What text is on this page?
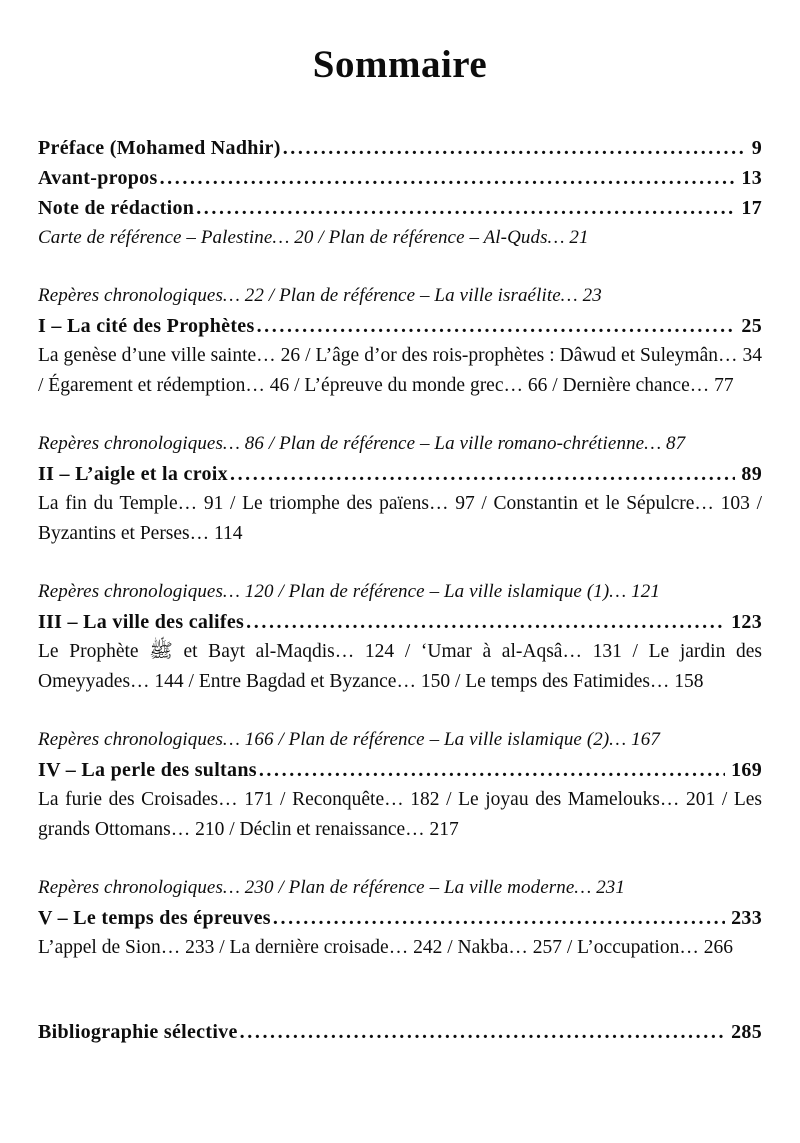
Sommaire
Préface (Mohamed Nadhir) .....	9
Avant-propos .....	13
Note de rédaction .....	17

Carte de référence – Palestine… 20 / Plan de référence – Al-Quds… 21

Repères chronologiques… 22 / Plan de référence – La ville israélite… 23

I – La cité des Prophètes .....	25

La genèse d’une ville sainte… 26 / L’âge d’or des rois-prophètes : Dâwud et Suleymân… 34 / Égarement et rédemption… 46 / L’épreuve du monde grec… 66 / Dernière chance… 77

Repères chronologiques… 86 / Plan de référence – La ville romano-chrétienne… 87

II – L’aigle et la croix .....	89

La fin du Temple… 91 / Le triomphe des païens… 97 / Constantin et le Sépulcre… 103 / Byzantins et Perses… 114

Repères chronologiques… 120 / Plan de référence – La ville islamique (1)… 121

III – La ville des califes .....	123

Le Prophète ﷺ et Bayt al-Maqdis… 124 / ‘Umar à al-Aqsâ… 131 / Le jardin des Omeyyades… 144 / Entre Bagdad et Byzance… 150 / Le temps des Fatimides… 158

Repères chronologiques… 166 / Plan de référence – La ville islamique (2)… 167

IV – La perle des sultans .....	169

La furie des Croisades… 171 / Reconquête… 182 / Le joyau des Mamelouks… 201 / Les grands Ottomans… 210 / Déclin et renaissance… 217

Repères chronologiques… 230 / Plan de référence – La ville moderne… 231

V – Le temps des épreuves .....	233

L’appel de Sion… 233 / La dernière croisade… 242 / Nakba… 257 / L’occupation… 266

Bibliographie sélective .....	285
